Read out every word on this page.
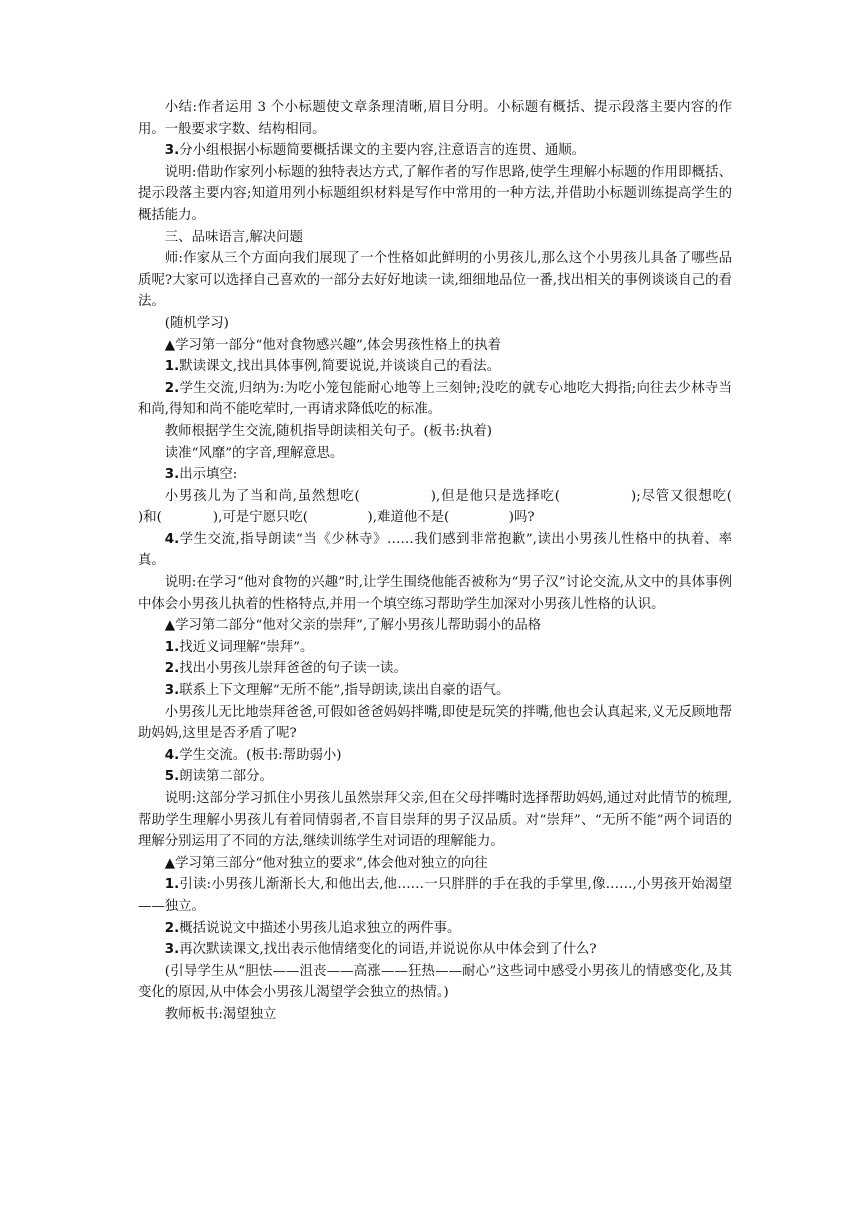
小结:作者运用 3 个小标题使文章条理清晰,眉目分明。小标题有概括、提示段落主要内容的作用。一般要求字数、结构相同。

3.分小组根据小标题简要概括课文的主要内容,注意语言的连贯、通顺。

说明:借助作家列小标题的独特表达方式,了解作者的写作思路,使学生理解小标题的作用即概括、提示段落主要内容;知道用列小标题组织材料是写作中常用的一种方法,并借助小标题训练提高学生的概括能力。

三、品味语言,解决问题

师:作家从三个方面向我们展现了一个性格如此鲜明的小男孩儿,那么这个小男孩儿具备了哪些品质呢?大家可以选择自己喜欢的一部分去好好地读一读,细细地品位一番,找出相关的事例谈谈自己的看法。

(随机学习)

▲学习第一部分“他对食物感兴趣”,体会男孩性格上的执着

1.默读课文,找出具体事例,简要说说,并谈谈自己的看法。

2.学生交流,归纳为:为吃小笼包能耐心地等上三刻钟;没吃的就专心地吃大拇指;向往去少林寺当和尚,得知和尚不能吃荤时,一再请求降低吃的标准。

教师根据学生交流,随机指导朗读相关句子。(板书:执着)

读准“风靡”的字音,理解意思。

3.出示填空:

小男孩儿为了当和尚,虽然想吃(              ),但是他只是选择吃(              );尽管又很想吃(            )和(            ),可是宁愿只吃(              ),难道他不是(              )吗?

4.学生交流,指导朗读“当《少林寺》……我们感到非常抱歉”,读出小男孩儿性格中的执着、率真。

说明:在学习“他对食物的兴趣”时,让学生围绕他能否被称为“男子汉”讨论交流,从文中的具体事例中体会小男孩儿执着的性格特点,并用一个填空练习帮助学生加深对小男孩儿性格的认识。

▲学习第二部分“他对父亲的崇拜”,了解小男孩儿帮助弱小的品格

1.找近义词理解“崇拜”。

2.找出小男孩儿崇拜爸爸的句子读一读。

3.联系上下文理解“无所不能”,指导朗读,读出自豪的语气。

小男孩儿无比地崇拜爸爸,可假如爸爸妈妈拌嘴,即使是玩笑的拌嘴,他也会认真起来,义无反顾地帮助妈妈,这里是否矛盾了呢?

4.学生交流。(板书:帮助弱小)

5.朗读第二部分。

说明:这部分学习抓住小男孩儿虽然崇拜父亲,但在父母拌嘴时选择帮助妈妈,通过对此情节的梳理,帮助学生理解小男孩儿有着同情弱者,不盲目崇拜的男子汉品质。对“崇拜”、“无所不能”两个词语的理解分别运用了不同的方法,继续训练学生对词语的理解能力。

▲学习第三部分“他对独立的要求”,体会他对独立的向往

1.引读:小男孩儿渐渐长大,和他出去,他……一只胖胖的手在我的手掌里,像……,小男孩开始渴望——独立。

2.概括说说文中描述小男孩儿追求独立的两件事。

3.再次默读课文,找出表示他情绪变化的词语,并说说你从中体会到了什么?

(引导学生从“胆怯——沮丧——高涨——狂热——耐心”这些词中感受小男孩儿的情感变化,及其变化的原因,从中体会小男孩儿渴望学会独立的热情。)

教师板书:渴望独立
